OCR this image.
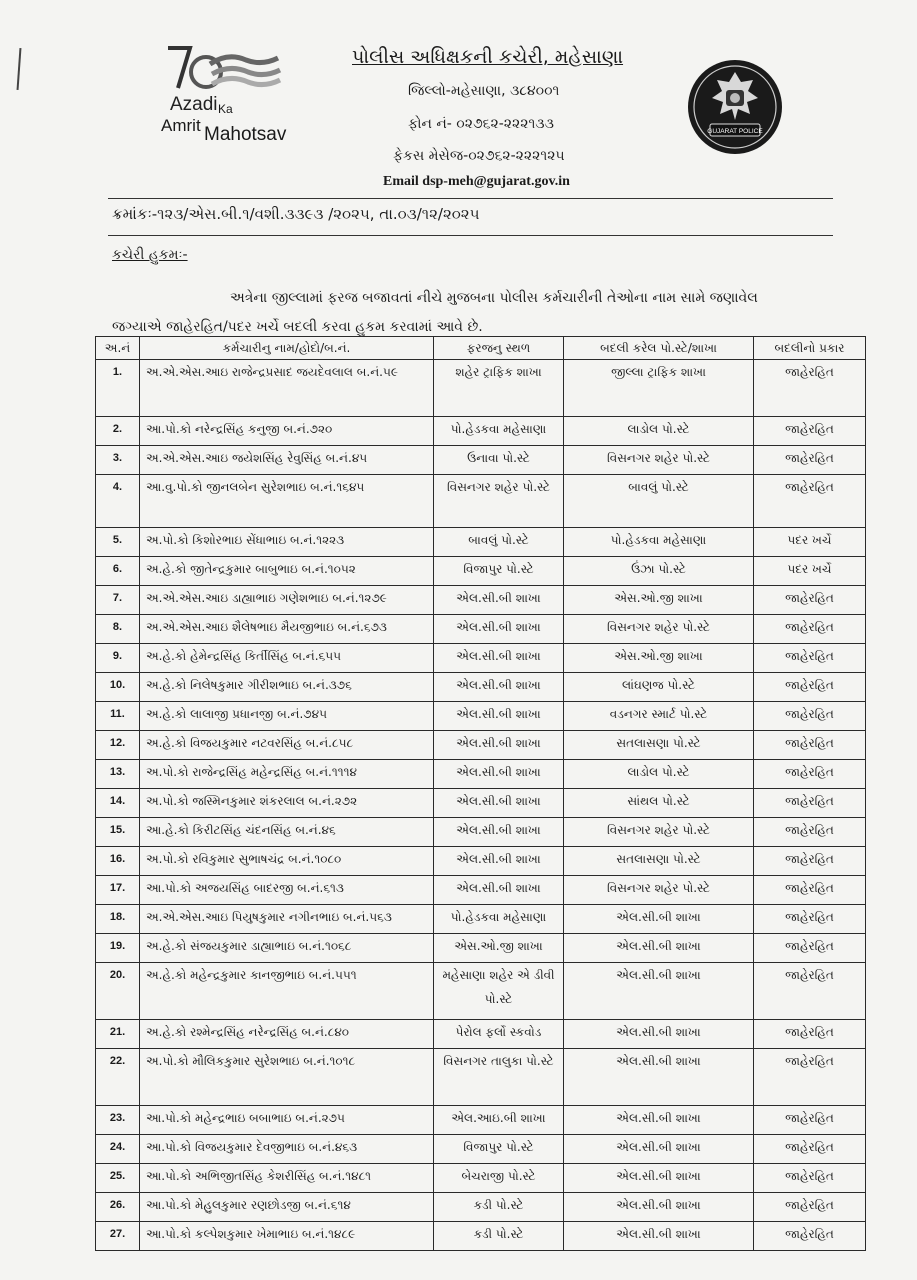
Azadi Ka
Amrit Mahotsav
પોલીસ અધિક્ષકની કચેરી, મહેસાણા
જિલ્લો-મહેસાણા, ૩૮૪૦૦૧
ફોન નં- ૦૨૭૬૨-૨૨૨૧૩૩
ફેકસ મેસેજ-૦૨૭૬૨-૨૨૨૧૨૫
Email dsp-meh@gujarat.gov.in
GUJARAT POLICE
ક્રમાંકઃ-૧૨૩/એસ.બી.૧/વશી.૩૩૯૩ /૨૦૨૫, તા.૦૩/૧૨/૨૦૨૫
કચેરી હુકમઃ-
અત્રેના જીલ્લામાં ફરજ બજાવતાં નીચે મુજબના પોલીસ કર્મચારીની તેઓના નામ સામે જણાવેલ
જગ્યાએ જાહેરહિત/પદર ખર્ચે બદલી કરવા હુકમ કરવામાં આવે છે.
અ.નં	કર્મચારીનુ નામ/હોદો/બ.નં.	ફરજનુ સ્થળ	બદલી કરેલ પો.સ્ટે/શાખા	બદલીનો પ્રકાર
1.	અ.એ.એસ.આઇ રાજેન્દ્રપ્રસાદ જયદેવલાલ બ.નં.૫૯	શહેર ટ્રાફિક શાખા	જીલ્લા ટ્રાફિક શાખા	જાહેરહિત
2.	આ.પો.કો નરેન્દ્રસિંહ કનુજી બ.નં.૭૨૦	પો.હેડકવા મહેસાણા	લાડોલ પો.સ્ટે	જાહેરહિત
3.	અ.એ.એસ.આઇ જયેશસિંહ રેવુસિંહ બ.નં.૪૫	ઉનાવા પો.સ્ટે	વિસનગર શહેર પો.સ્ટે	જાહેરહિત
4.	આ.વુ.પો.કો જીનલબેન સુરેશભાઇ બ.નં.૧૬૪૫	વિસનગર શહેર પો.સ્ટે	બાવલું પો.સ્ટે	જાહેરહિત
5.	અ.પો.કો કિશોરભાઇ સેંધાભાઇ બ.નં.૧૨૨૩	બાવલું પો.સ્ટે	પો.હેડકવા મહેસાણા	પદર ખર્ચે
6.	અ.હે.કો જીતેન્દ્રકુમાર બાબુભાઇ બ.નં.૧૦૫૨	વિજાપુર પો.સ્ટે	ઉંઝા પો.સ્ટે	પદર ખર્ચે
7.	અ.એ.એસ.આઇ ડાહ્યાભાઇ ગણેશભાઇ બ.નં.૧૨૭૯	એલ.સી.બી શાખા	એસ.ઓ.જી શાખા	જાહેરહિત
8.	અ.એ.એસ.આઇ શૈલેષભાઇ મૈયજીભાઇ બ.નં.૬૭૩	એલ.સી.બી શાખા	વિસનગર શહેર પો.સ્ટે	જાહેરહિત
9.	અ.હે.કો હેમેન્દ્રસિંહ કિર્તીસિંહ બ.નં.૬૫૫	એલ.સી.બી શાખા	એસ.ઓ.જી શાખા	જાહેરહિત
10.	અ.હે.કો નિલેષકુમાર ગીરીશભાઇ બ.નં.૩૭૬	એલ.સી.બી શાખા	લાંઘણજ પો.સ્ટે	જાહેરહિત
11.	અ.હે.કો લાલાજી પ્રધાનજી બ.નં.૭૪૫	એલ.સી.બી શાખા	વડનગર સ્માર્ટ પો.સ્ટે	જાહેરહિત
12.	અ.હે.કો વિજયકુમાર નટવરસિંહ બ.નં.૮૫૮	એલ.સી.બી શાખા	સતલાસણા પો.સ્ટે	જાહેરહિત
13.	અ.પો.કો રાજેન્દ્રસિંહ મહેન્દ્રસિંહ બ.નં.૧૧૧૪	એલ.સી.બી શાખા	લાડોલ પો.સ્ટે	જાહેરહિત
14.	અ.પો.કો જસ્મિનકુમાર શંકરલાલ બ.નં.૨૭૨	એલ.સી.બી શાખા	સાંથલ પો.સ્ટે	જાહેરહિત
15.	આ.હે.કો કિરીટસિંહ ચંદનસિંહ બ.નં.૪૬	એલ.સી.બી શાખા	વિસનગર શહેર પો.સ્ટે	જાહેરહિત
16.	અ.પો.કો રવિકુમાર સુભાષચંદ્ર બ.નં.૧૦૮૦	એલ.સી.બી શાખા	સતલાસણા પો.સ્ટે	જાહેરહિત
17.	આ.પો.કો અજયસિંહ બાદરજી બ.નં.૬૧૩	એલ.સી.બી શાખા	વિસનગર શહેર પો.સ્ટે	જાહેરહિત
18.	અ.એ.એસ.આઇ પિયુષકુમાર નગીનભાઇ બ.નં.૫૬૩	પો.હેડકવા મહેસાણા	એલ.સી.બી શાખા	જાહેરહિત
19.	અ.હે.કો સંજયકુમાર ડાહ્યાભાઇ બ.નં.૧૦૬૮	એસ.ઓ.જી શાખા	એલ.સી.બી શાખા	જાહેરહિત
20.	અ.હે.કો મહેન્દ્રકુમાર કાનજીભાઇ બ.નં.૫૫૧	મહેસાણા શહેર એ ડીવી પો.સ્ટે	એલ.સી.બી શાખા	જાહેરહિત
21.	અ.હે.કો રશ્મેન્દ્રસિંહ નરેન્દ્રસિંહ બ.નં.૮૪૦	પેરોલ ફર્લો સ્કવોડ	એલ.સી.બી શાખા	જાહેરહિત
22.	અ.પો.કો મૌલિકકુમાર સુરેશભાઇ બ.નં.૧૦૧૮	વિસનગર તાલુકા પો.સ્ટે	એલ.સી.બી શાખા	જાહેરહિત
23.	આ.પો.કો મહેન્દ્રભાઇ બબાભાઇ બ.નં.૨૭૫	એલ.આઇ.બી શાખા	એલ.સી.બી શાખા	જાહેરહિત
24.	આ.પો.કો વિજયકુમાર દેવજીભાઇ બ.નં.૪૬૩	વિજાપુર પો.સ્ટે	એલ.સી.બી શાખા	જાહેરહિત
25.	આ.પો.કો અભિજીતસિંહ કેશરીસિંહ બ.નં.૧૪૮૧	બેચરાજી પો.સ્ટે	એલ.સી.બી શાખા	જાહેરહિત
26.	આ.પો.કો મેહુલકુમાર રણછોડજી બ.નં.૬૧૪	કડી પો.સ્ટે	એલ.સી.બી શાખા	જાહેરહિત
27.	આ.પો.કો કલ્પેશકુમાર ખેમાભાઇ બ.નં.૧૪૮૯	કડી પો.સ્ટે	એલ.સી.બી શાખા	જાહેરહિત
